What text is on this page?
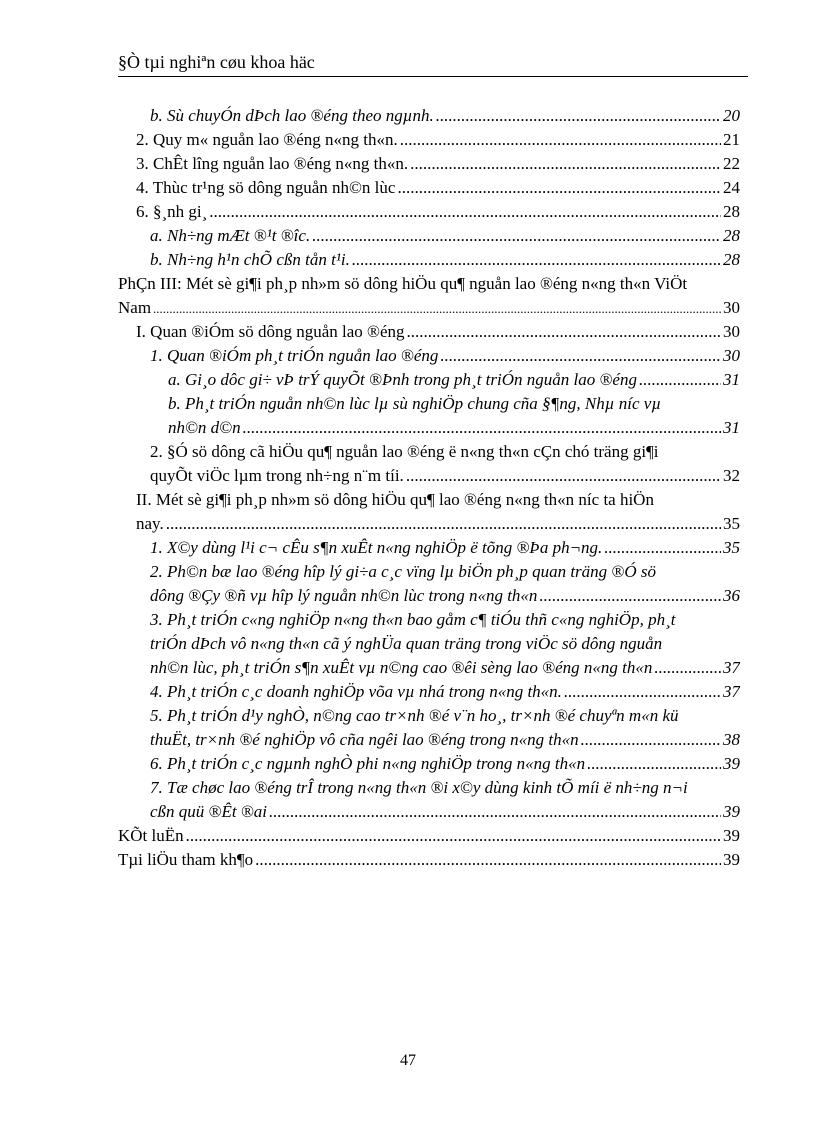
§Ò tµi nghiªn cøu khoa häc
b. Sù chuyÓn dÞch lao ®éng theo ngµnh. .....	20
2. Quy m« nguån lao ®éng n«ng th«n. .....	21
3. ChÊt lîng nguån lao ®éng n«ng th«n. .....	22
4. Thùc tr¹ng sö dông nguån nh©n lùc .....	24
6. §¸nh gi¸ .....	28
a. Nh÷ng mÆt ®¹t ®îc. .....	28
b. Nh÷ng h¹n chÕ cßn tån t¹i. .....	28
PhÇn III: Mét sè gi¶i ph¸p nh»m sö dông hiÖu qu¶ nguån lao ®éng n«ng th«n ViÖt
Nam .....	30
I. Quan ®iÓm sö dông nguån lao ®éng .....	30
1. Quan ®iÓm ph¸t triÓn nguån lao ®éng .....	30
a. Gi¸o dôc gi÷ vÞ trÝ quyÕt ®Þnh trong ph¸t triÓn nguån lao ®éng .....	31
b. Ph¸t triÓn nguån nh©n lùc lµ sù nghiÖp chung cña §¶ng, Nhµ níc vµ
nh©n d©n .....	31
2. §Ó sö dông cã hiÖu qu¶ nguån lao ®éng ë n«ng th«n cÇn chó träng gi¶i
quyÕt viÖc lµm trong nh÷ng n¨m tíi. .....	32
II. Mét sè gi¶i ph¸p nh»m sö dông hiÖu qu¶ lao ®éng n«ng th«n níc ta hiÖn
nay. .....	35
1. X©y dùng l¹i c¬ cÊu s¶n xuÊt n«ng nghiÖp ë tõng ®Þa ph¬ng. .....	35
2. Ph©n bæ lao ®éng hîp lý gi÷a c¸c vïng lµ biÖn ph¸p quan träng ®Ó sö
dông ®Çy ®ñ vµ hîp lý nguån nh©n lùc trong n«ng th«n .....	36
3. Ph¸t triÓn c«ng nghiÖp n«ng th«n bao gåm c¶ tiÓu thñ c«ng nghiÖp, ph¸t
triÓn dÞch vô n«ng th«n cã ý nghÜa quan träng trong viÖc sö dông nguån
nh©n lùc, ph¸t triÓn s¶n xuÊt vµ n©ng cao ®êi sèng lao ®éng n«ng th«n .....	37
4. Ph¸t triÓn c¸c doanh nghiÖp võa vµ nhá trong n«ng th«n. .....	37
5. Ph¸t triÓn d¹y nghÒ, n©ng cao tr×nh ®é v¨n ho¸, tr×nh ®é chuyªn m«n kü
thuËt, tr×nh ®é nghiÖp vô cña ngêi lao ®éng trong n«ng th«n .....	38
6. Ph¸t triÓn c¸c ngµnh nghÒ phi n«ng nghiÖp trong n«ng th«n .....	39
7. Tæ chøc lao ®éng trÎ trong n«ng th«n ®i x©y dùng kinh tÕ míi ë nh÷ng n¬i
cßn quü ®Êt ®ai .....	39
KÕt luËn .....	39
Tµi liÖu tham kh¶o .....	39
47
